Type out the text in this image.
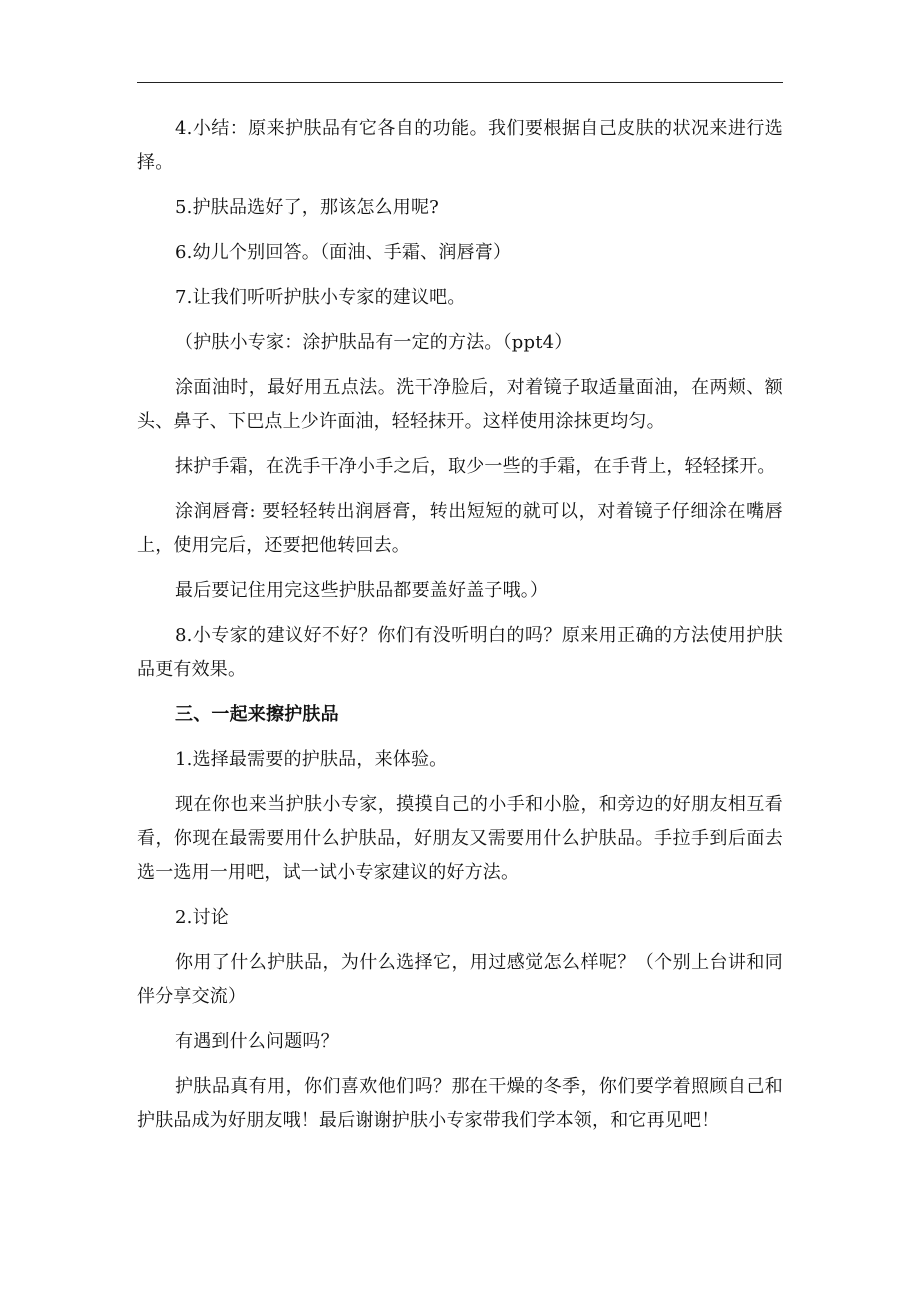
4.小结：原来护肤品有它各自的功能。我们要根据自己皮肤的状况来进行选择。

5.护肤品选好了，那该怎么用呢?

6.幼儿个别回答。（面油、手霜、润唇膏）

7.让我们听听护肤小专家的建议吧。

（护肤小专家：涂护肤品有一定的方法。（ppt4）

涂面油时，最好用五点法。洗干净脸后，对着镜子取适量面油，在两颊、额头、鼻子、下巴点上少许面油，轻轻抹开。这样使用涂抹更均匀。

抹护手霜，在洗手干净小手之后，取少一些的手霜，在手背上，轻轻揉开。

涂润唇膏: 要轻轻转出润唇膏，转出短短的就可以，对着镜子仔细涂在嘴唇上，使用完后，还要把他转回去。

最后要记住用完这些护肤品都要盖好盖子哦。）

8.小专家的建议好不好？你们有没听明白的吗？原来用正确的方法使用护肤品更有效果。

三、一起来擦护肤品

1.选择最需要的护肤品，来体验。

现在你也来当护肤小专家，摸摸自己的小手和小脸，和旁边的好朋友相互看看，你现在最需要用什么护肤品，好朋友又需要用什么护肤品。手拉手到后面去选一选用一用吧，试一试小专家建议的好方法。

2.讨论

你用了什么护肤品，为什么选择它，用过感觉怎么样呢？（个别上台讲和同伴分享交流）

有遇到什么问题吗？

护肤品真有用，你们喜欢他们吗？那在干燥的冬季，你们要学着照顾自己和护肤品成为好朋友哦！最后谢谢护肤小专家带我们学本领，和它再见吧！
